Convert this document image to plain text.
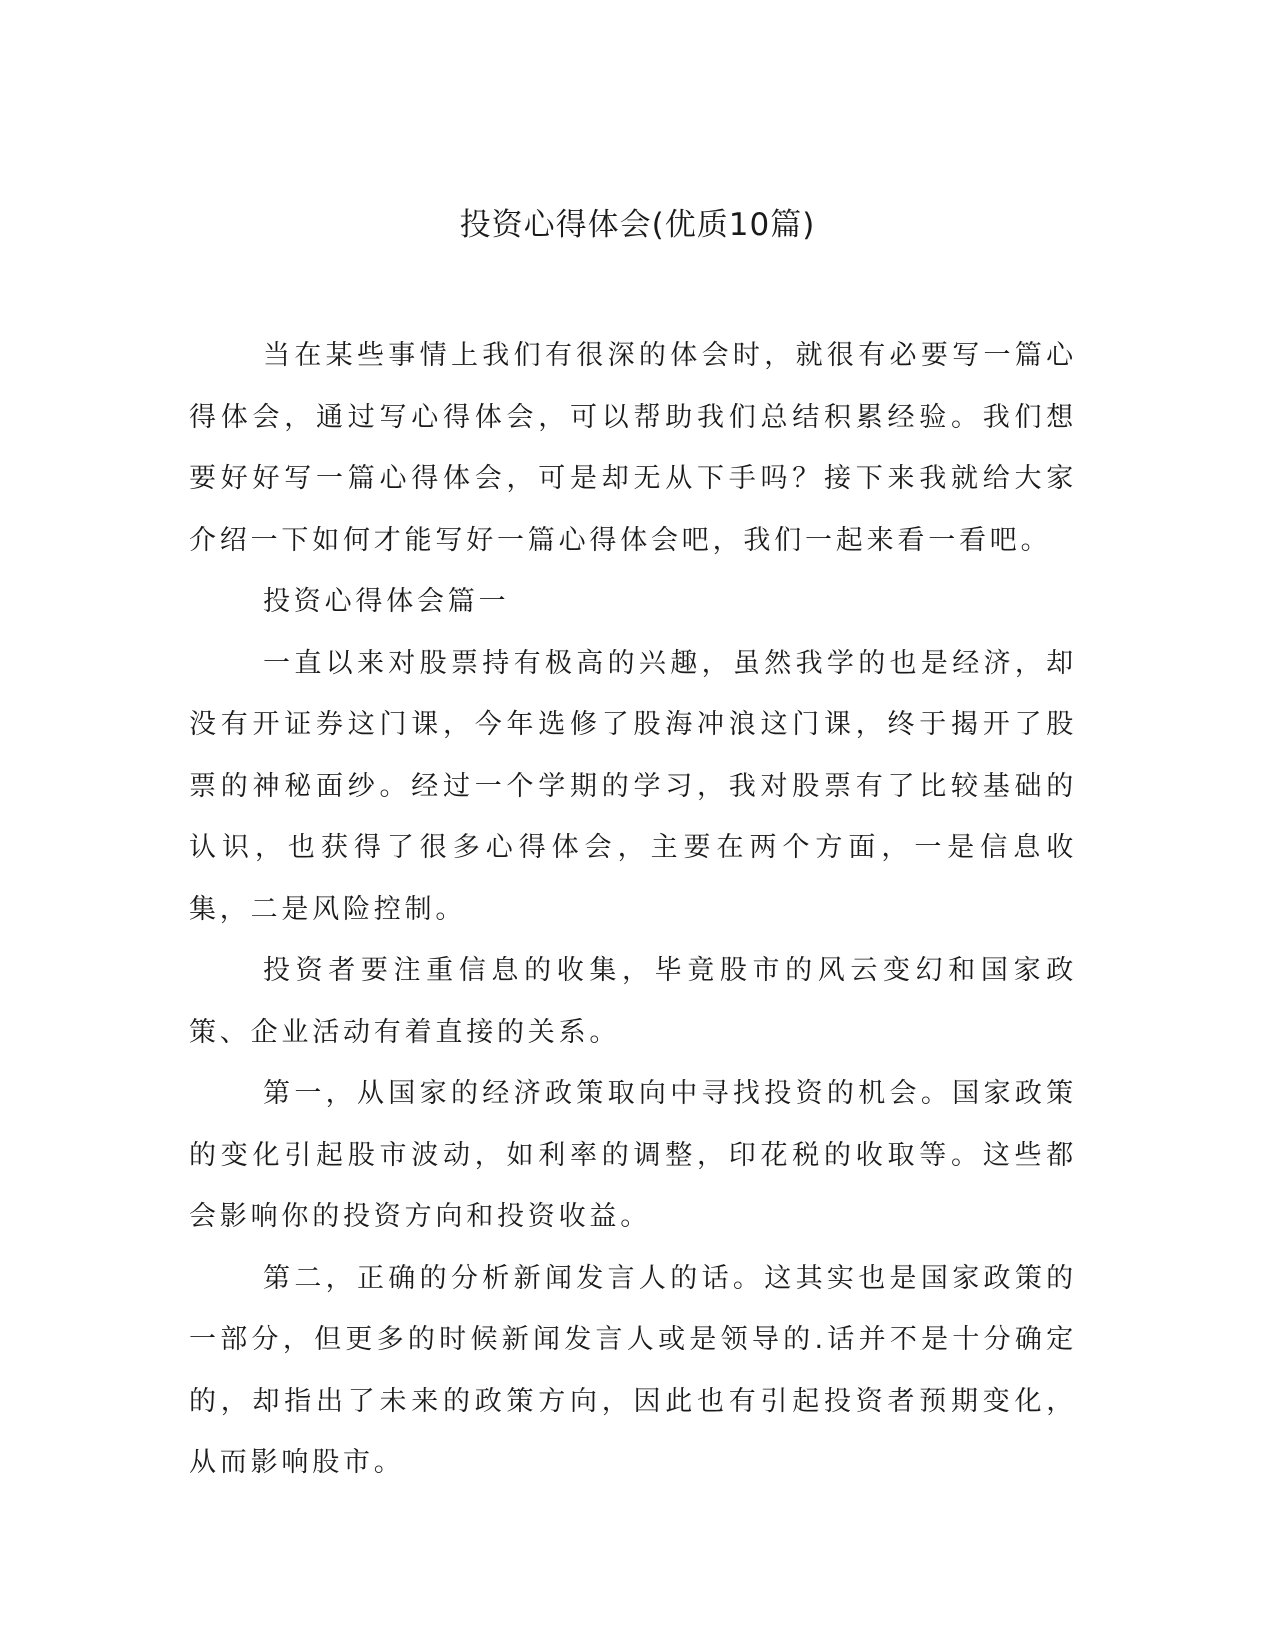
投资心得体会(优质10篇)

当在某些事情上我们有很深的体会时，就很有必要写一篇心得体会，通过写心得体会，可以帮助我们总结积累经验。我们想要好好写一篇心得体会，可是却无从下手吗？接下来我就给大家介绍一下如何才能写好一篇心得体会吧，我们一起来看一看吧。

投资心得体会篇一

一直以来对股票持有极高的兴趣，虽然我学的也是经济，却没有开证券这门课，今年选修了股海冲浪这门课，终于揭开了股票的神秘面纱。经过一个学期的学习，我对股票有了比较基础的认识，也获得了很多心得体会，主要在两个方面，一是信息收集，二是风险控制。

投资者要注重信息的收集，毕竟股市的风云变幻和国家政策、企业活动有着直接的关系。

第一，从国家的经济政策取向中寻找投资的机会。国家政策的变化引起股市波动，如利率的调整，印花税的收取等。这些都会影响你的投资方向和投资收益。

第二，正确的分析新闻发言人的话。这其实也是国家政策的一部分，但更多的时候新闻发言人或是领导的.话并不是十分确定的，却指出了未来的政策方向，因此也有引起投资者预期变化，从而影响股市。
